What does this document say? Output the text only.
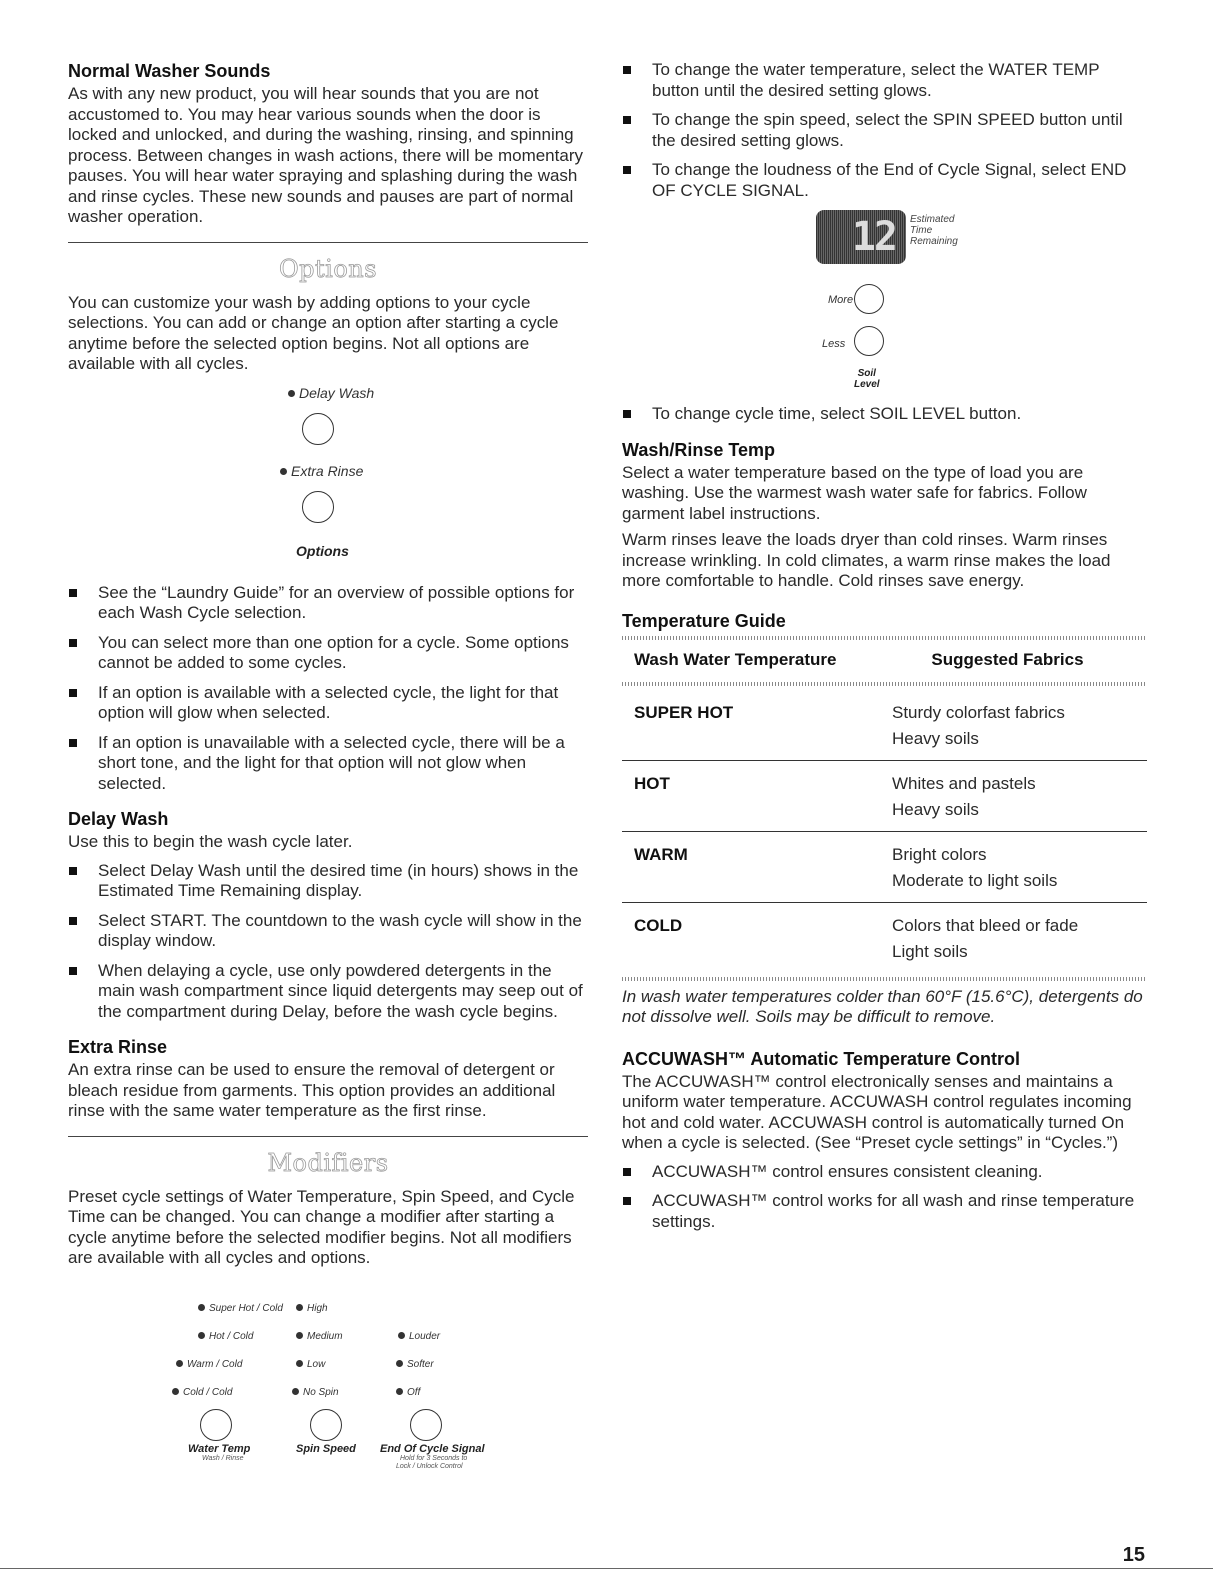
Normal Washer Sounds

As with any new product, you will hear sounds that you are not accustomed to. You may hear various sounds when the door is locked and unlocked, and during the washing, rinsing, and spinning process. Between changes in wash actions, there will be momentary pauses. You will hear water spraying and splashing during the wash and rinse cycles. These new sounds and pauses are part of normal washer operation.

Options

You can customize your wash by adding options to your cycle selections. You can add or change an option after starting a cycle anytime before the selected option begins. Not all options are available with all cycles.

Delay Wash
Extra Rinse
Options
See the “Laundry Guide” for an overview of possible options for each Wash Cycle selection.
You can select more than one option for a cycle. Some options cannot be added to some cycles.
If an option is available with a selected cycle, the light for that option will glow when selected.
If an option is unavailable with a selected cycle, there will be a short tone, and the light for that option will not glow when selected.
Delay Wash

Use this to begin the wash cycle later.

Select Delay Wash until the desired time (in hours) shows in the Estimated Time Remaining display.
Select START. The countdown to the wash cycle will show in the display window.
When delaying a cycle, use only powdered detergents in the main wash compartment since liquid detergents may seep out of the compartment during Delay, before the wash cycle begins.
Extra Rinse

An extra rinse can be used to ensure the removal of detergent or bleach residue from garments. This option provides an additional rinse with the same water temperature as the first rinse.

Modifiers

Preset cycle settings of Water Temperature, Spin Speed, and Cycle Time can be changed. You can change a modifier after starting a cycle anytime before the selected modifier begins. Not all modifiers are available with all cycles and options.

Super Hot / Cold
Hot / Cold
Warm / Cold
Cold / Cold
Water Temp
Wash / Rinse
High
Medium
Low
No Spin
Spin Speed
Louder
Softer
Off
End Of Cycle Signal
Hold for 3 Seconds to
Lock / Unlock Control
To change the water temperature, select the WATER TEMP button until the desired setting glows.
To change the spin speed, select the SPIN SPEED button until the desired setting glows.
To change the loudness of the End of Cycle Signal, select END OF CYCLE SIGNAL.
12 Estimated
Time
Remaining
More
Less
Soil
Level
To change cycle time, select SOIL LEVEL button.
Wash/Rinse Temp

Select a water temperature based on the type of load you are washing. Use the warmest wash water safe for fabrics. Follow garment label instructions.

Warm rinses leave the loads dryer than cold rinses. Warm rinses increase wrinkling. In cold climates, a warm rinse makes the load more comfortable to handle. Cold rinses save energy.

Temperature Guide
Wash Water Temperature	Suggested Fabrics
SUPER HOT	Sturdy colorfast fabrics
Heavy soils

HOT	Whites and pastels
Heavy soils

WARM	Bright colors
Moderate to light soils

COLD	Colors that bleed or fade
Light soils

In wash water temperatures colder than 60°F (15.6°C), detergents do not dissolve well. Soils may be difficult to remove.

ACCUWASH™ Automatic Temperature Control

The ACCUWASH™ control electronically senses and maintains a uniform water temperature. ACCUWASH control regulates incoming hot and cold water. ACCUWASH control is automatically turned On when a cycle is selected. (See “Preset cycle settings” in “Cycles.”)

ACCUWASH™ control ensures consistent cleaning.
ACCUWASH™ control works for all wash and rinse temperature settings.
15
